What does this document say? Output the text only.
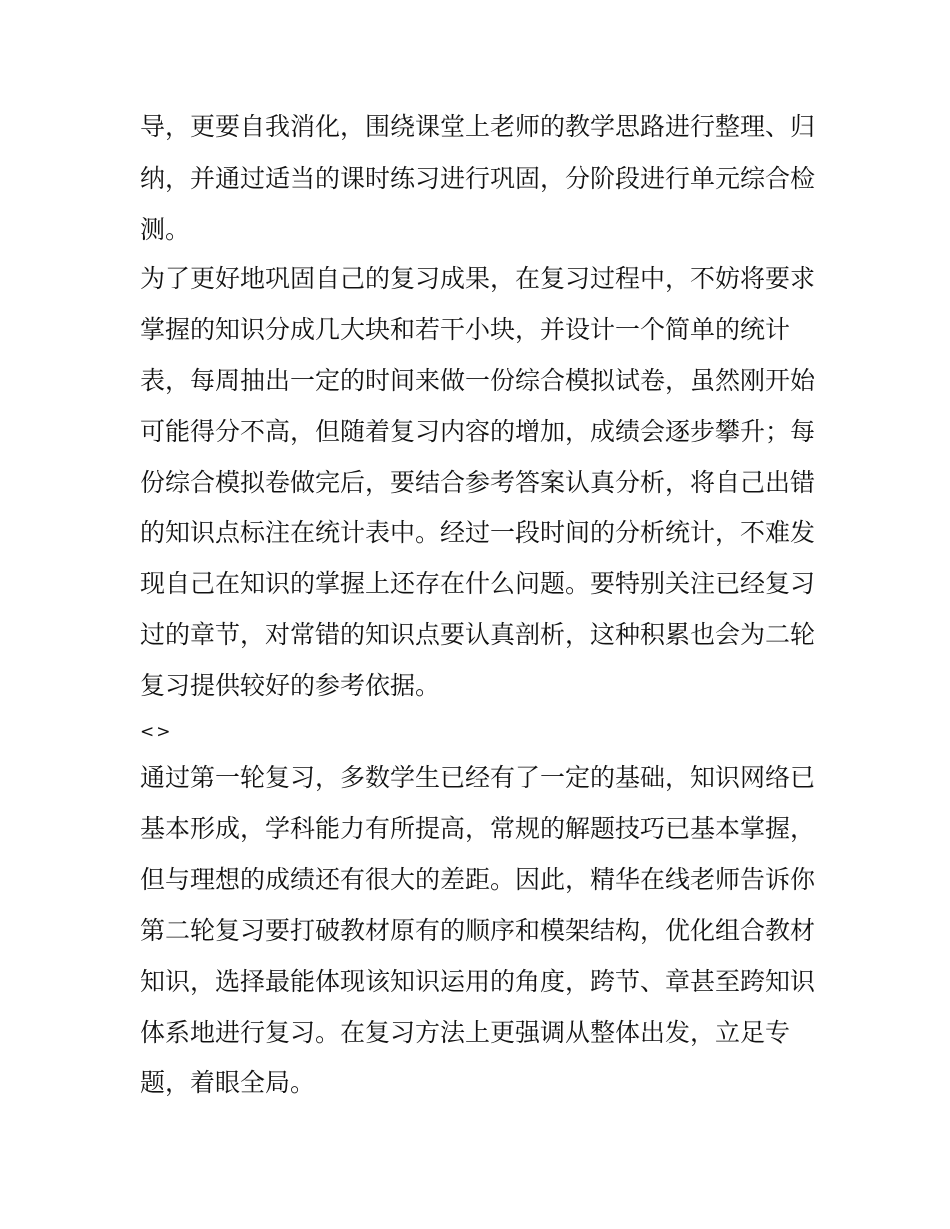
导，更要自我消化，围绕课堂上老师的教学思路进行整理、归

纳，并通过适当的课时练习进行巩固，分阶段进行单元综合检

测。

为了更好地巩固自己的复习成果，在复习过程中，不妨将要求

掌握的知识分成几大块和若干小块，并设计一个简单的统计

表，每周抽出一定的时间来做一份综合模拟试卷，虽然刚开始

可能得分不高，但随着复习内容的增加，成绩会逐步攀升；每

份综合模拟卷做完后，要结合参考答案认真分析，将自己出错

的知识点标注在统计表中。经过一段时间的分析统计，不难发

现自己在知识的掌握上还存在什么问题。要特别关注已经复习

过的章节，对常错的知识点要认真剖析，这种积累也会为二轮

复习提供较好的参考依据。

<>

通过第一轮复习，多数学生已经有了一定的基础，知识网络已

基本形成，学科能力有所提高，常规的解题技巧已基本掌握，

但与理想的成绩还有很大的差距。因此，精华在线老师告诉你

第二轮复习要打破教材原有的顺序和模架结构，优化组合教材

知识，选择最能体现该知识运用的角度，跨节、章甚至跨知识

体系地进行复习。在复习方法上更强调从整体出发，立足专

题，着眼全局。
